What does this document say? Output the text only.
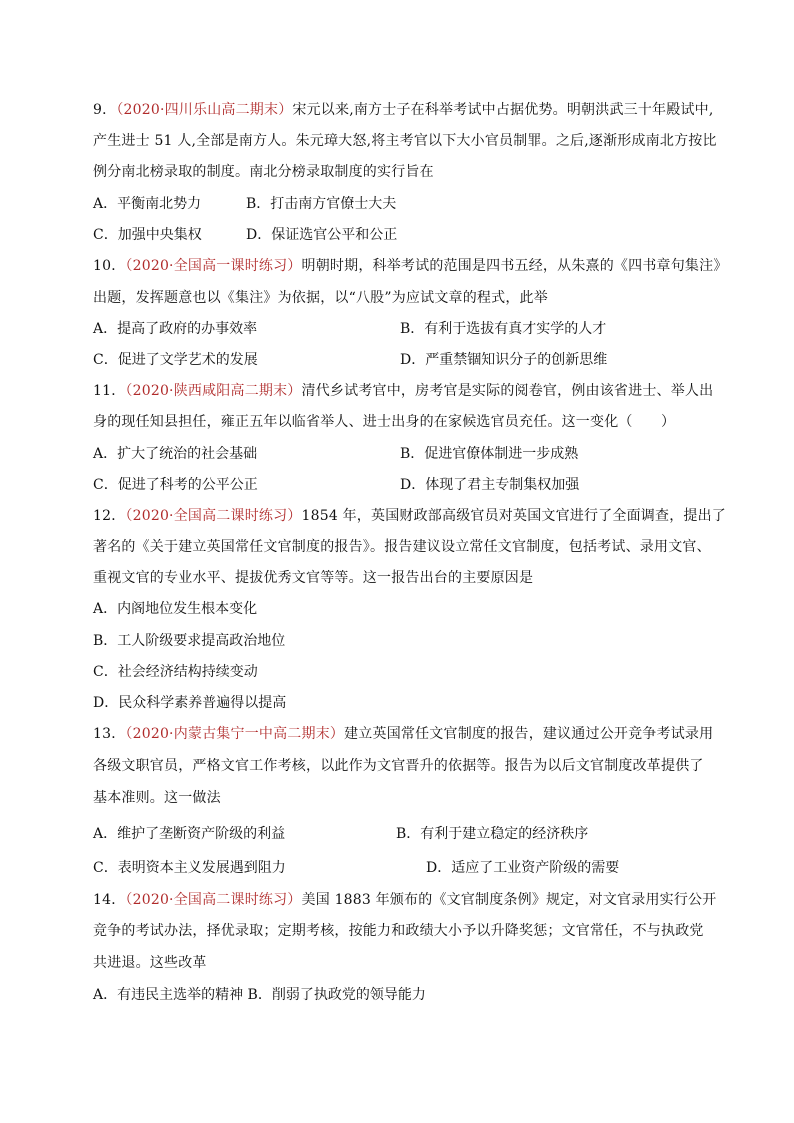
9．（2020·四川乐山高二期末）宋元以来,南方士子在科举考试中占据优势。明朝洪武三十年殿试中,
产生进士 51 人,全部是南方人。朱元璋大怒,将主考官以下大小官员制罪。之后,逐渐形成南北方按比
例分南北榜录取的制度。南北分榜录取制度的实行旨在
A．平衡南北势力	B．打击南方官僚士大夫
C．加强中央集权	D．保证选官公平和公正
10．（2020·全国高一课时练习）明朝时期，科举考试的范围是四书五经，从朱熹的《四书章句集注》
出题，发挥题意也以《集注》为依据，以“八股”为应试文章的程式，此举
A．提高了政府的办事效率	B．有利于选拔有真才实学的人才
C．促进了文学艺术的发展	D．严重禁锢知识分子的创新思维
11．（2020·陕西咸阳高二期末）清代乡试考官中，房考官是实际的阅卷官，例由该省进士、举人出
身的现任知县担任，雍正五年以临省举人、进士出身的在家候选官员充任。这一变化（　　）
A．扩大了统治的社会基础	B．促进官僚体制进一步成熟
C．促进了科考的公平公正	D．体现了君主专制集权加强
12．（2020·全国高二课时练习）1854 年，英国财政部高级官员对英国文官进行了全面调查，提出了
著名的《关于建立英国常任文官制度的报告》。报告建议设立常任文官制度，包括考试、录用文官、
重视文官的专业水平、提拔优秀文官等等。这一报告出台的主要原因是
A．内阁地位发生根本变化
B．工人阶级要求提高政治地位
C．社会经济结构持续变动
D．民众科学素养普遍得以提高
13．（2020·内蒙古集宁一中高二期末）建立英国常任文官制度的报告，建议通过公开竞争考试录用
各级文职官员，严格文官工作考核，以此作为文官晋升的依据等。报告为以后文官制度改革提供了
基本准则。这一做法
A．维护了垄断资产阶级的利益	B．有利于建立稳定的经济秩序
C．表明资本主义发展遇到阻力	D．适应了工业资产阶级的需要
14．（2020·全国高二课时练习）美国 1883 年颁布的《文官制度条例》规定，对文官录用实行公开
竞争的考试办法，择优录取；定期考核，按能力和政绩大小予以升降奖惩；文官常任，不与执政党
共进退。这些改革
A．有违民主选举的精神 B．削弱了执政党的领导能力
